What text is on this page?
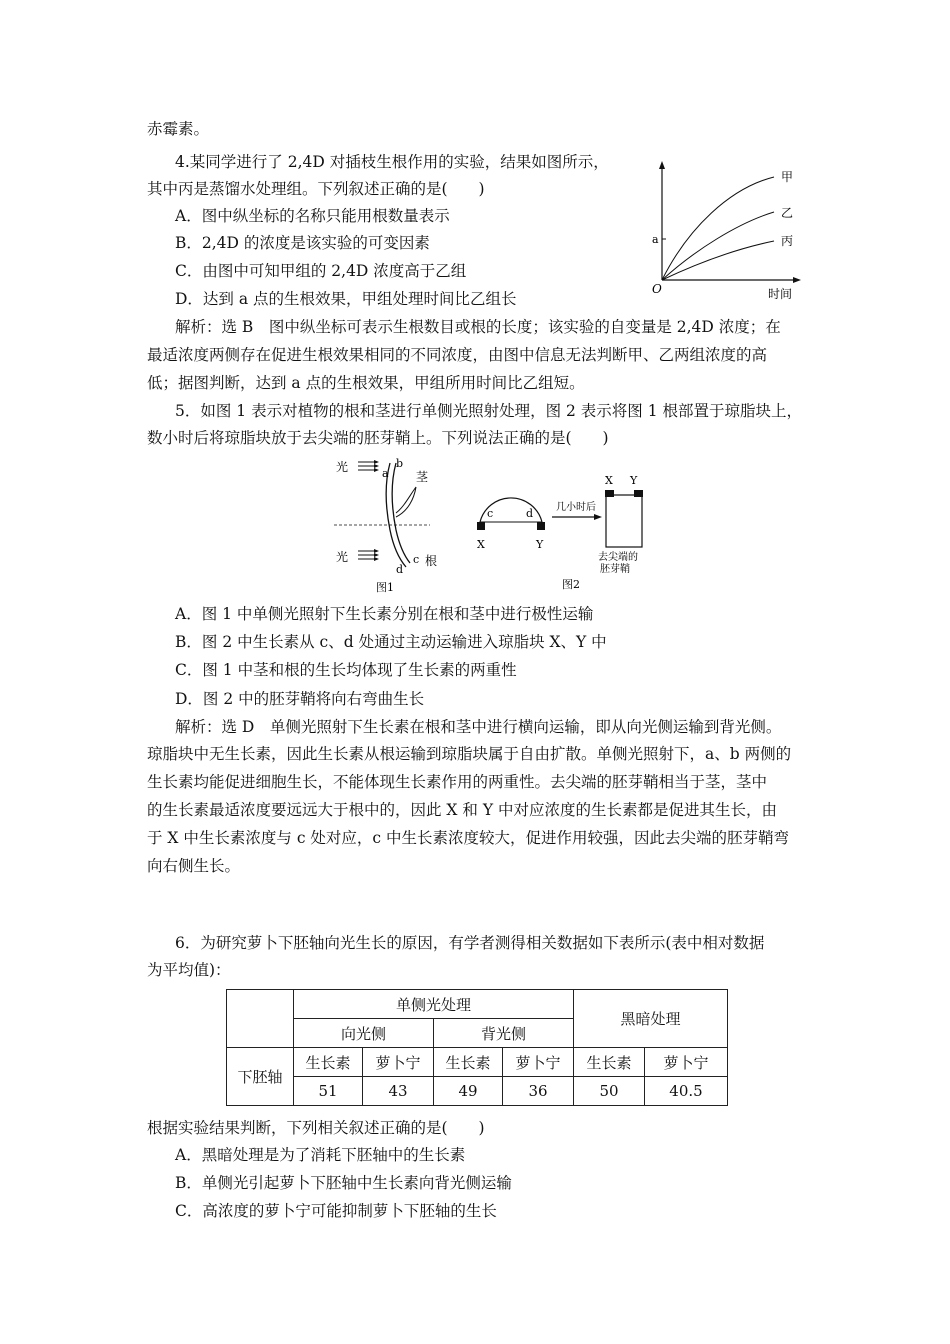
赤霉素。
4.某同学进行了 2,4D 对插枝生根作用的实验，结果如图所示，
其中丙是蒸馏水处理组。下列叙述正确的是(　　)
A．图中纵坐标的名称只能用根数量表示
B．2,4D 的浓度是该实验的可变因素
C．由图中可知甲组的 2,4D 浓度高于乙组
D．达到 a 点的生根效果，甲组处理时间比乙组长
解析：选 B　图中纵坐标可表示生根数目或根的长度；该实验的自变量是 2,4D 浓度；在
最适浓度两侧存在促进生根效果相同的不同浓度，由图中信息无法判断甲、乙两组浓度的高
低；据图判断，达到 a 点的生根效果，甲组所用时间比乙组短。
5．如图 1 表示对植物的根和茎进行单侧光照射处理，图 2 表示将图 1 根部置于琼脂块上，
数小时后将琼脂块放于去尖端的胚芽鞘上。下列说法正确的是(　　)
A．图 1 中单侧光照射下生长素分别在根和茎中进行极性运输
B．图 2 中生长素从 c、d 处通过主动运输进入琼脂块 X、Y 中
C．图 1 中茎和根的生长均体现了生长素的两重性
D．图 2 中的胚芽鞘将向右弯曲生长
解析：选 D　单侧光照射下生长素在根和茎中进行横向运输，即从向光侧运输到背光侧。
琼脂块中无生长素，因此生长素从根运输到琼脂块属于自由扩散。单侧光照射下，a、b 两侧的
生长素均能促进细胞生长，不能体现生长素作用的两重性。去尖端的胚芽鞘相当于茎，茎中
的生长素最适浓度要远远大于根中的，因此 X 和 Y 中对应浓度的生长素都是促进其生长，由
于 X 中生长素浓度与 c 处对应，c 中生长素浓度较大，促进作用较强，因此去尖端的胚芽鞘弯
向右侧生长。
6．为研究萝卜下胚轴向光生长的原因，有学者测得相关数据如下表所示(表中相对数据
为平均值)：
a
O	时间
甲
乙
丙
光
光
a
b
茎
c
d
根
图1
c	d
X	Y
几小时后
X Y
去尖端的
胚芽鞘
图2
	单侧光处理				黑暗处理	
	向光侧		背光侧			
下胚轴	生长素	萝卜宁	生长素	萝卜宁	生长素	萝卜宁
	51	43	49	36	50	40.5
根据实验结果判断，下列相关叙述正确的是(　　)
A．黑暗处理是为了消耗下胚轴中的生长素
B．单侧光引起萝卜下胚轴中生长素向背光侧运输
C．高浓度的萝卜宁可能抑制萝卜下胚轴的生长
